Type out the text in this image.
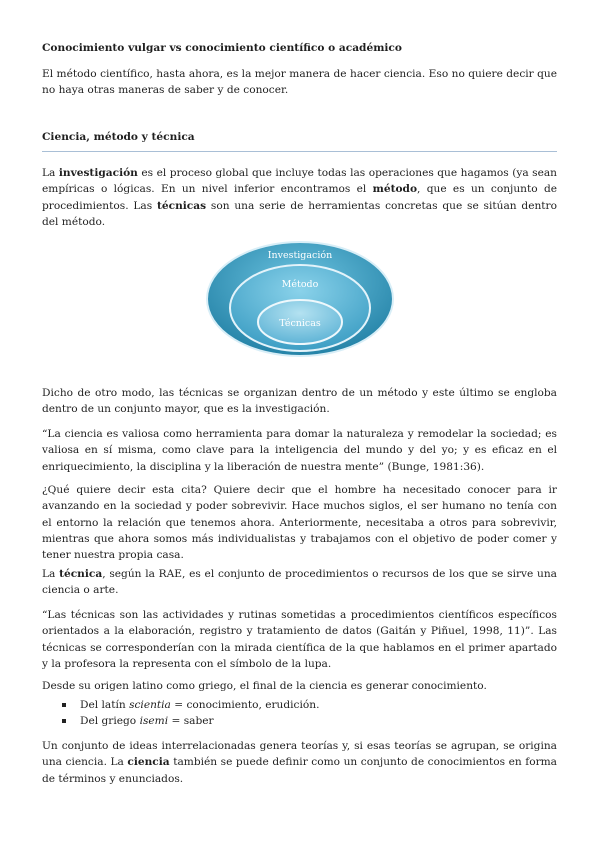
Conocimiento vulgar vs conocimiento científico o académico
El método científico, hasta ahora, es la mejor manera de hacer ciencia. Eso no quiere decir que no haya otras maneras de saber y de conocer.
Ciencia, método y técnica
La investigación es el proceso global que incluye todas las operaciones que hagamos (ya sean empíricas o lógicas. En un nivel inferior encontramos el método, que es un conjunto de procedimientos. Las técnicas son una serie de herramientas concretas que se sitúan dentro del método.
Investigación
Método
Técnicas
Dicho de otro modo, las técnicas se organizan dentro de un método y este último se engloba dentro de un conjunto mayor, que es la investigación.
“La ciencia es valiosa como herramienta para domar la naturaleza y remodelar la sociedad; es valiosa en sí misma, como clave para la inteligencia del mundo y del yo; y es eficaz en el enriquecimiento, la disciplina y la liberación de nuestra mente” (Bunge, 1981:36).
¿Qué quiere decir esta cita? Quiere decir que el hombre ha necesitado conocer para ir avanzando en la sociedad y poder sobrevivir. Hace muchos siglos, el ser humano no tenía con el entorno la relación que tenemos ahora. Anteriormente, necesitaba a otros para sobrevivir, mientras que ahora somos más individualistas y trabajamos con el objetivo de poder comer y tener nuestra propia casa.
La técnica, según la RAE, es el conjunto de procedimientos o recursos de los que se sirve una ciencia o arte.
“Las técnicas son las actividades y rutinas sometidas a procedimientos científicos específicos orientados a la elaboración, registro y tratamiento de datos (Gaitán y Piñuel, 1998, 11)”. Las técnicas se corresponderían con la mirada científica de la que hablamos en el primer apartado y la profesora la representa con el símbolo de la lupa.
Desde su origen latino como griego, el final de la ciencia es generar conocimiento.
Del latín scientia = conocimiento, erudición.
Del griego isemi = saber
Un conjunto de ideas interrelacionadas genera teorías y, si esas teorías se agrupan, se origina una ciencia. La ciencia también se puede definir como un conjunto de conocimientos en forma de términos y enunciados.
